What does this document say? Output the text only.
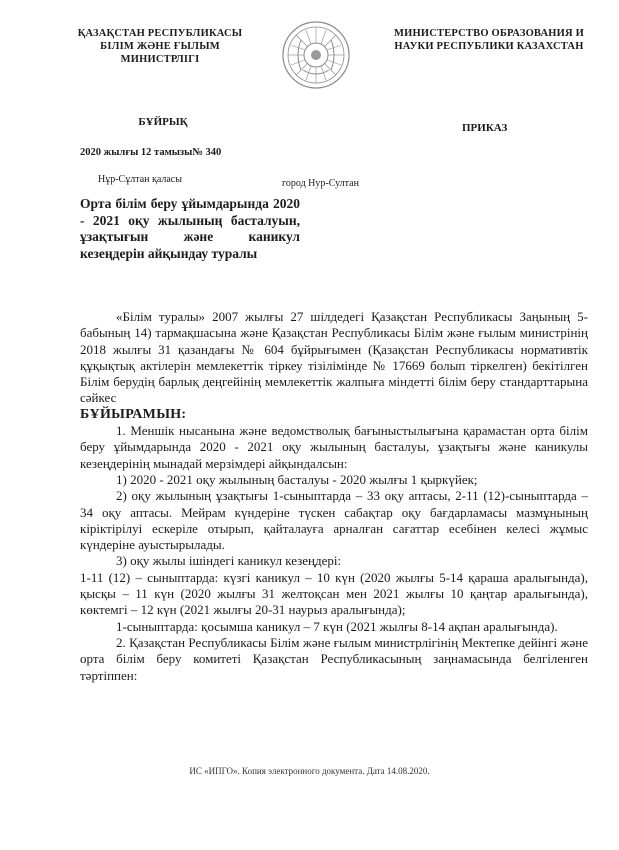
ҚАЗАҚСТАН РЕСПУБЛИКАСЫ
БІЛІМ ЖӘНЕ ҒЫЛЫМ
МИНИСТРЛІГІ
МИНИСТЕРСТВО ОБРАЗОВАНИЯ И
НАУКИ РЕСПУБЛИКИ КАЗАХСТАН
БҰЙРЫҚ	ПРИКАЗ
2020 жылғы 12 тамызы№ 340
Нұр-Сұлтан қаласы	город Нур-Султан
Орта білім беру ұйымдарында 2020 - 2021 оқу жылының басталуын, ұзақтығын және каникул кезеңдерін айқындау туралы

«Білім туралы» 2007 жылғы 27 шілдедегі Қазақстан Республикасы Заңының 5-бабының 14) тармақшасына және Қазақстан Республикасы Білім және ғылым министрінің 2018 жылғы 31 қазандағы № 604 бұйрығымен (Қазақстан Республикасы нормативтік құқықтық актілерін мемлекеттік тіркеу тізілімінде № 17669 болып тіркелген) бекітілген Білім берудің барлық деңгейінің мемлекеттік жалпыға міндетті білім беру стандарттарына сәйкес

БҰЙЫРАМЫН:

1. Меншік нысанына және ведомстволық бағыныстылығына қарамастан орта білім беру ұйымдарында 2020 - 2021 оқу жылының басталуы, ұзақтығы және каникулы кезеңдерінің мынадай мерзімдері айқындалсын:

1) 2020 - 2021 оқу жылының басталуы - 2020 жылғы 1 қыркүйек;

2) оқу жылының ұзақтығы 1-сыныптарда – 33 оқу аптасы, 2-11 (12)-сыныптарда – 34 оқу аптасы. Мейрам күндеріне түскен сабақтар оқу бағдарламасы мазмұнының кіріктірілуі ескеріле отырып, қайталауға арналған сағаттар есебінен келесі жұмыс күндеріне ауыстырылады.

3) оқу жылы ішіндегі каникул кезеңдері:

1-11 (12) – сыныптарда: күзгі каникул – 10 күн (2020 жылғы 5-14 қараша аралығында), қысқы – 11 күн (2020 жылғы 31 желтоқсан мен 2021 жылғы 10 қаңтар аралығында), көктемгі – 12 күн (2021 жылғы 20-31 наурыз аралығында);

1-сыныптарда: қосымша каникул – 7 күн (2021 жылғы 8-14 ақпан аралығында).

2. Қазақстан Республикасы Білім және ғылым министрлігінің Мектепке дейінгі және орта білім беру комитеті Қазақстан Республикасының заңнамасында белгіленген тәртіппен:

ИС «ИПГО». Копия электронного документа. Дата 14.08.2020.
